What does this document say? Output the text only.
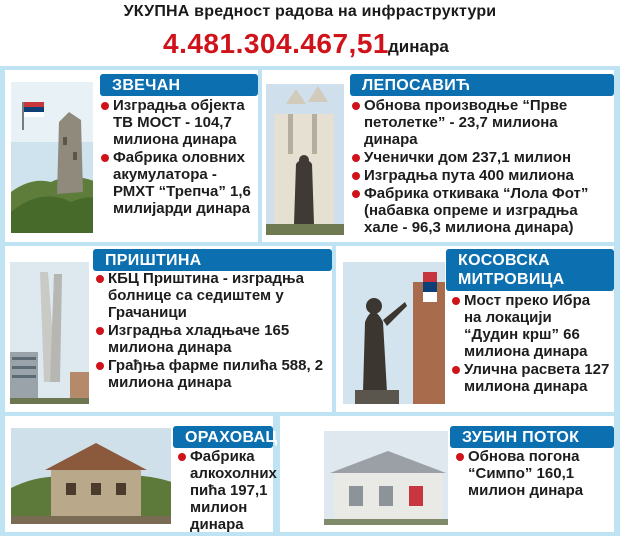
УКУПНА вредност радова на инфраструктури
4.481.304.467,51 динара
ЗВЕЧАН
Изградња објекта ТВ МОСТ - 104,7 милиона динара
Фабрика оловних акумулатора - РМХТ “Трепча” 1,6 милијарди динара
ЛЕПОСАВИЋ
Обнова производње “Прве петолетке” - 23,7 милиона динара
Ученички дом 237,1 милион
Изградња пута 400 милиона
Фабрика откивака “Лола Фот” (набавка опреме и изградња хале - 96,3 милиона динара)
ПРИШТИНА
КБЦ Приштина - изградња болнице са седиштем у Грачаници
Изградња хладњаче 165 милиона динара
Грађња фарме пилића 588, 2 милиона динара
КОСОВСКА
МИТРОВИЦА
Мост преко Ибра на локацији “Дудин крш” 66 милиона динара
Улична расвета 127 милиона динара
ОРАХОВАЦ
Фабрика алкохолних пића 197,1 милион динара
ЗУБИН ПОТОК
Обнова погона “Симпо” 160,1 милион динара
